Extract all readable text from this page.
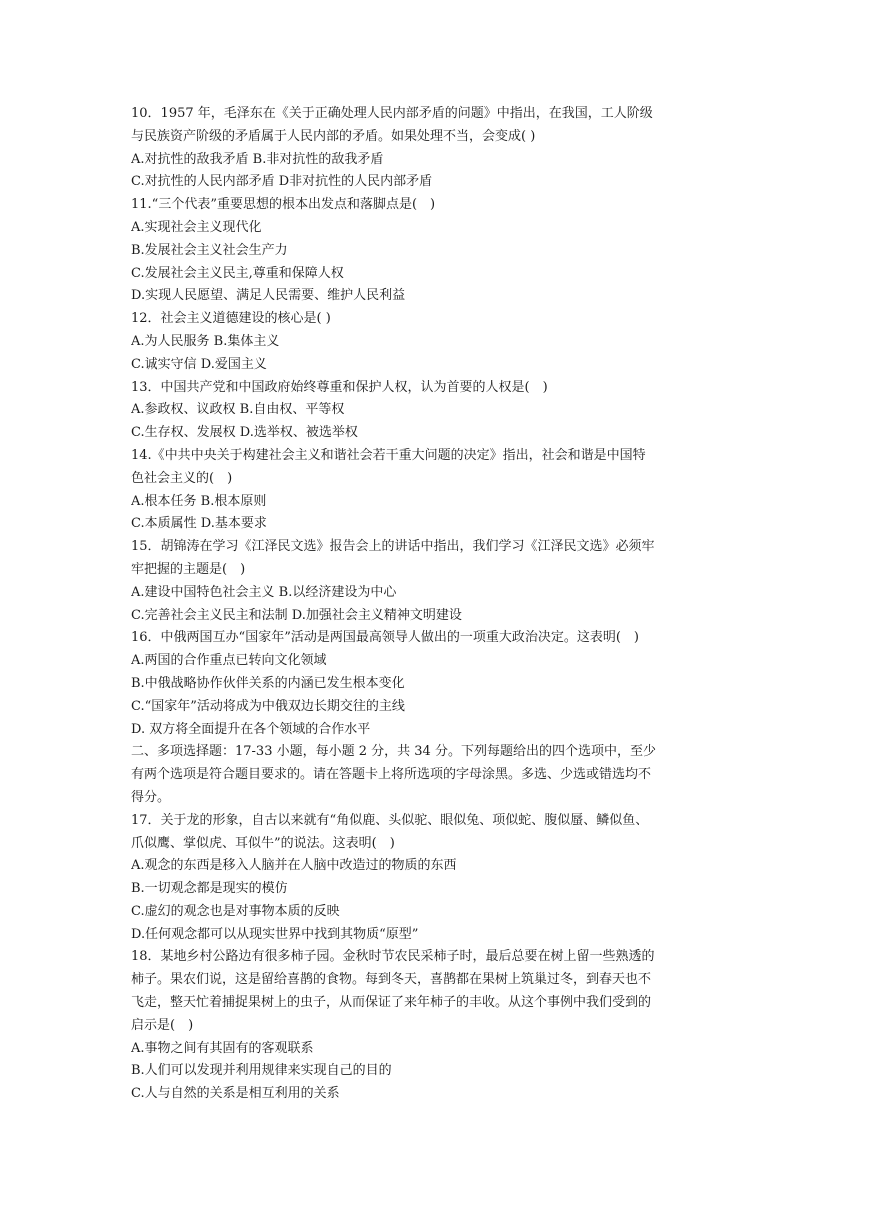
10．1957 年，毛泽东在《关于正确处理人民内部矛盾的问题》中指出，在我国，工人阶级
与民族资产阶级的矛盾属于人民内部的矛盾。如果处理不当，会变成( )
A.对抗性的敌我矛盾 B.非对抗性的敌我矛盾
C.对抗性的人民内部矛盾 D非对抗性的人民内部矛盾
11.“三个代表”重要思想的根本出发点和落脚点是(　)
A.实现社会主义现代化
B.发展社会主义社会生产力
C.发展社会主义民主,尊重和保障人权
D.实现人民愿望、满足人民需要、维护人民利益
12．社会主义道德建设的核心是( )
A.为人民服务 B.集体主义
C.诚实守信 D.爱国主义
13．中国共产党和中国政府始终尊重和保护人权，认为首要的人权是(　)
A.参政权、议政权 B.自由权、平等权
C.生存权、发展权 D.选举权、被选举权
14.《中共中央关于构建社会主义和谐社会若干重大问题的决定》指出，社会和谐是中国特
色社会主义的(　)
A.根本任务 B.根本原则
C.本质属性 D.基本要求
15．胡锦涛在学习《江泽民文选》报告会上的讲话中指出，我们学习《江泽民文选》必须牢
牢把握的主题是(　)
A.建设中国特色社会主义 B.以经济建设为中心
C.完善社会主义民主和法制 D.加强社会主义精神文明建设
16．中俄两国互办“国家年”活动是两国最高领导人做出的一项重大政治决定。这表明(　)
A.两国的合作重点已转向文化领域
B.中俄战略协作伙伴关系的内涵已发生根本变化
C.“国家年”活动将成为中俄双边长期交往的主线
D. 双方将全面提升在各个领域的合作水平
二、多项选择题：17-33 小题，每小题 2 分，共 34 分。下列每题给出的四个选项中，至少
有两个选项是符合题目要求的。请在答题卡上将所选项的字母涂黑。多选、少选或错选均不
得分。
17．关于龙的形象，自古以来就有“角似鹿、头似驼、眼似兔、项似蛇、腹似蜃、鳞似鱼、
爪似鹰、掌似虎、耳似牛”的说法。这表明(　)
A.观念的东西是移入人脑并在人脑中改造过的物质的东西
B.一切观念都是现实的模仿
C.虚幻的观念也是对事物本质的反映
D.任何观念都可以从现实世界中找到其物质“原型”
18．某地乡村公路边有很多柿子园。金秋时节农民采柿子时，最后总要在树上留一些熟透的
柿子。果农们说，这是留给喜鹊的食物。每到冬天，喜鹊都在果树上筑巢过冬，到春天也不
飞走，整天忙着捕捉果树上的虫子，从而保证了来年柿子的丰收。从这个事例中我们受到的
启示是(　)
A.事物之间有其固有的客观联系
B.人们可以发现并利用规律来实现自己的目的
C.人与自然的关系是相互利用的关系
